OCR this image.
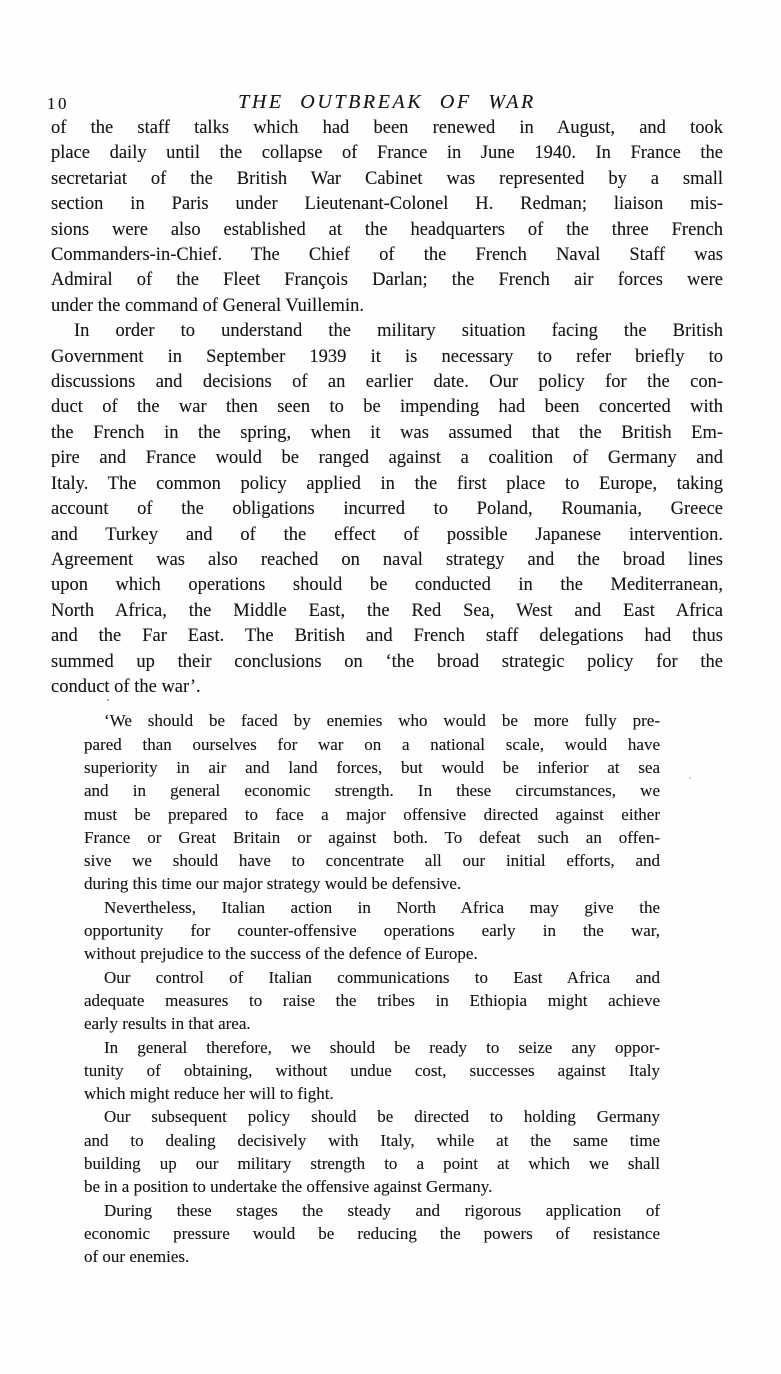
10	THE OUTBREAK OF WAR
of the staff talks which had been renewed in August, and took
place daily until the collapse of France in June 1940. In France the
secretariat of the British War Cabinet was represented by a small
section in Paris under Lieutenant-Colonel H. Redman; liaison mis-
sions were also established at the headquarters of the three French
Commanders-in-Chief. The Chief of the French Naval Staff was
Admiral of the Fleet François Darlan; the French air forces were
under the command of General Vuillemin.
In order to understand the military situation facing the British
Government in September 1939 it is necessary to refer briefly to
discussions and decisions of an earlier date. Our policy for the con-
duct of the war then seen to be impending had been concerted with
the French in the spring, when it was assumed that the British Em-
pire and France would be ranged against a coalition of Germany and
Italy. The common policy applied in the first place to Europe, taking
account of the obligations incurred to Poland, Roumania, Greece
and Turkey and of the effect of possible Japanese intervention.
Agreement was also reached on naval strategy and the broad lines
upon which operations should be conducted in the Mediterranean,
North Africa, the Middle East, the Red Sea, West and East Africa
and the Far East. The British and French staff delegations had thus
summed up their conclusions on ‘the broad strategic policy for the
conduct of the war’.
‘We should be faced by enemies who would be more fully pre-
pared than ourselves for war on a national scale, would have
superiority in air and land forces, but would be inferior at sea
and in general economic strength. In these circumstances, we
must be prepared to face a major offensive directed against either
France or Great Britain or against both. To defeat such an offen-
sive we should have to concentrate all our initial efforts, and
during this time our major strategy would be defensive.
Nevertheless, Italian action in North Africa may give the
opportunity for counter-offensive operations early in the war,
without prejudice to the success of the defence of Europe.
Our control of Italian communications to East Africa and
adequate measures to raise the tribes in Ethiopia might achieve
early results in that area.
In general therefore, we should be ready to seize any oppor-
tunity of obtaining, without undue cost, successes against Italy
which might reduce her will to fight.
Our subsequent policy should be directed to holding Germany
and to dealing decisively with Italy, while at the same time
building up our military strength to a point at which we shall
be in a position to undertake the offensive against Germany.
During these stages the steady and rigorous application of
economic pressure would be reducing the powers of resistance
of our enemies.
